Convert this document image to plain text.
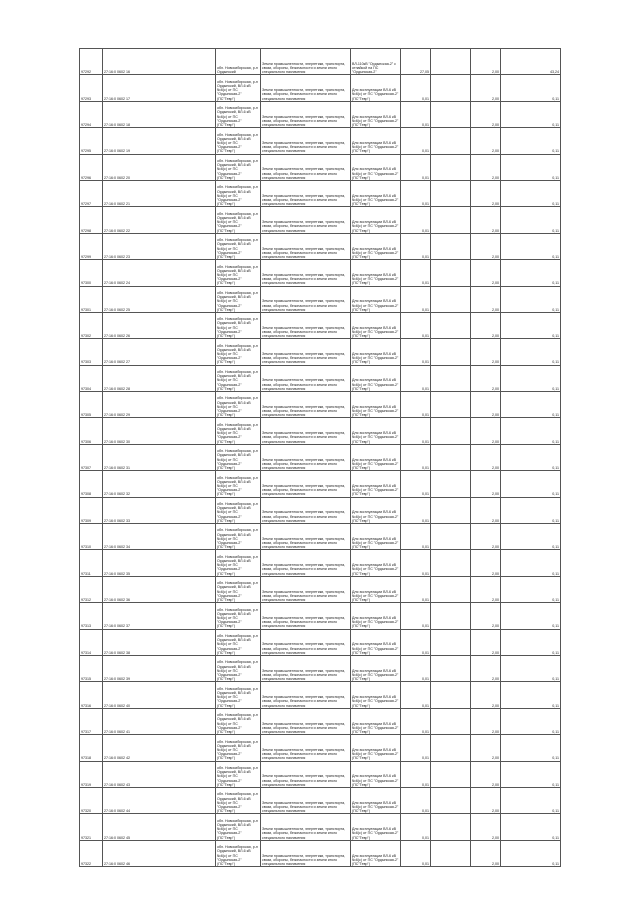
97292	27:16:0 0602 16	обл. Новосибирская, р-н Ордынский	Земли промышленности, энергетики, транспорта, связи, обороны, безопасности и земли иного специального назначения	ВЛ-110кВ "Ордынская-2" с отпайкой на ПС "Ордынская-2"	27,05		2,00	43,24
97293	27:16:0 0602 17	обл. Новосибирская, р-н Ордынский, ВЛ-6 кВ №6(с) от ПС "Ордынская-2" (ПС"Тевр")	Земли промышленности, энергетики, транспорта, связи, обороны, безопасности и земли иного специального назначения	Для эксплуатации ВЛ-6 кВ №6(с) от ПС "Ордынская-2" (ПС"Тевр")	0,01		2,00	0,11
97294	27:16:0 0602 18	обл. Новосибирская, р-н Ордынский, ВЛ-6 кВ №6(с) от ПС "Ордынская-2" (ПС"Тевр")	Земли промышленности, энергетики, транспорта, связи, обороны, безопасности и земли иного специального назначения	Для эксплуатации ВЛ-6 кВ №6(с) от ПС "Ордынская-2" (ПС"Тевр")	0,01		2,00	0,11
97295	27:16:0 0602 19	обл. Новосибирская, р-н Ордынский, ВЛ-6 кВ №6(с) от ПС "Ордынская-2" (ПС"Тевр")	Земли промышленности, энергетики, транспорта, связи, обороны, безопасности и земли иного специального назначения	Для эксплуатации ВЛ-6 кВ №6(с) от ПС "Ордынская-2" (ПС"Тевр")	0,01		2,00	0,11
97296	27:16:0 0602 20	обл. Новосибирская, р-н Ордынский, ВЛ-6 кВ №6(с) от ПС "Ордынская-2" (ПС"Тевр")	Земли промышленности, энергетики, транспорта, связи, обороны, безопасности и земли иного специального назначения	Для эксплуатации ВЛ-6 кВ №6(с) от ПС "Ордынская-2" (ПС"Тевр")	0,01		2,00	0,11
97297	27:16:0 0602 21	обл. Новосибирская, р-н Ордынский, ВЛ-6 кВ №6(с) от ПС "Ордынская-2" (ПС"Тевр")	Земли промышленности, энергетики, транспорта, связи, обороны, безопасности и земли иного специального назначения	Для эксплуатации ВЛ-6 кВ №6(с) от ПС "Ордынская-2" (ПС"Тевр")	0,01		2,00	0,11
97298	27:16:0 0602 22	обл. Новосибирская, р-н Ордынский, ВЛ-6 кВ №6(с) от ПС "Ордынская-2" (ПС"Тевр")	Земли промышленности, энергетики, транспорта, связи, обороны, безопасности и земли иного специального назначения	Для эксплуатации ВЛ-6 кВ №6(с) от ПС "Ордынская-2" (ПС"Тевр")	0,01		2,00	0,11
97299	27:16:0 0602 23	обл. Новосибирская, р-н Ордынский, ВЛ-6 кВ №6(с) от ПС "Ордынская-2" (ПС"Тевр")	Земли промышленности, энергетики, транспорта, связи, обороны, безопасности и земли иного специального назначения	Для эксплуатации ВЛ-6 кВ №6(с) от ПС "Ордынская-2" (ПС"Тевр")	0,01		2,00	0,11
97300	27:16:0 0602 24	обл. Новосибирская, р-н Ордынский, ВЛ-6 кВ №6(с) от ПС "Ордынская-2" (ПС"Тевр")	Земли промышленности, энергетики, транспорта, связи, обороны, безопасности и земли иного специального назначения	Для эксплуатации ВЛ-6 кВ №6(с) от ПС "Ордынская-2" (ПС"Тевр")	0,01		2,00	0,11
97301	27:16:0 0602 25	обл. Новосибирская, р-н Ордынский, ВЛ-6 кВ №6(с) от ПС "Ордынская-2" (ПС"Тевр")	Земли промышленности, энергетики, транспорта, связи, обороны, безопасности и земли иного специального назначения	Для эксплуатации ВЛ-6 кВ №6(с) от ПС "Ордынская-2" (ПС"Тевр")	0,01		2,00	0,11
97302	27:16:0 0602 26	обл. Новосибирская, р-н Ордынский, ВЛ-6 кВ №6(с) от ПС "Ордынская-2" (ПС"Тевр")	Земли промышленности, энергетики, транспорта, связи, обороны, безопасности и земли иного специального назначения	Для эксплуатации ВЛ-6 кВ №6(с) от ПС "Ордынская-2" (ПС"Тевр")	0,01		2,00	0,11
97303	27:16:0 0602 27	обл. Новосибирская, р-н Ордынский, ВЛ-6 кВ №6(с) от ПС "Ордынская-2" (ПС"Тевр")	Земли промышленности, энергетики, транспорта, связи, обороны, безопасности и земли иного специального назначения	Для эксплуатации ВЛ-6 кВ №6(с) от ПС "Ордынская-2" (ПС"Тевр")	0,01		2,00	0,11
97304	27:16:0 0602 28	обл. Новосибирская, р-н Ордынский, ВЛ-6 кВ №6(с) от ПС "Ордынская-2" (ПС"Тевр")	Земли промышленности, энергетики, транспорта, связи, обороны, безопасности и земли иного специального назначения	Для эксплуатации ВЛ-6 кВ №6(с) от ПС "Ордынская-2" (ПС"Тевр")	0,01		2,00	0,11
97305	27:16:0 0602 29	обл. Новосибирская, р-н Ордынский, ВЛ-6 кВ №6(с) от ПС "Ордынская-2" (ПС"Тевр")	Земли промышленности, энергетики, транспорта, связи, обороны, безопасности и земли иного специального назначения	Для эксплуатации ВЛ-6 кВ №6(с) от ПС "Ордынская-2" (ПС"Тевр")	0,01		2,00	0,11
97306	27:16:0 0602 30	обл. Новосибирская, р-н Ордынский, ВЛ-6 кВ №6(с) от ПС "Ордынская-2" (ПС"Тевр")	Земли промышленности, энергетики, транспорта, связи, обороны, безопасности и земли иного специального назначения	Для эксплуатации ВЛ-6 кВ №6(с) от ПС "Ордынская-2" (ПС"Тевр")	0,01		2,00	0,11
97307	27:16:0 0602 31	обл. Новосибирская, р-н Ордынский, ВЛ-6 кВ №6(с) от ПС "Ордынская-2" (ПС"Тевр")	Земли промышленности, энергетики, транспорта, связи, обороны, безопасности и земли иного специального назначения	Для эксплуатации ВЛ-6 кВ №6(с) от ПС "Ордынская-2" (ПС"Тевр")	0,01		2,00	0,11
97308	27:16:0 0602 32	обл. Новосибирская, р-н Ордынский, ВЛ-6 кВ №6(с) от ПС "Ордынская-2" (ПС"Тевр")	Земли промышленности, энергетики, транспорта, связи, обороны, безопасности и земли иного специального назначения	Для эксплуатации ВЛ-6 кВ №6(с) от ПС "Ордынская-2" (ПС"Тевр")	0,01		2,00	0,11
97309	27:16:0 0602 33	обл. Новосибирская, р-н Ордынский, ВЛ-6 кВ №6(с) от ПС "Ордынская-2" (ПС"Тевр")	Земли промышленности, энергетики, транспорта, связи, обороны, безопасности и земли иного специального назначения	Для эксплуатации ВЛ-6 кВ №6(с) от ПС "Ордынская-2" (ПС"Тевр")	0,01		2,00	0,11
97310	27:16:0 0602 34	обл. Новосибирская, р-н Ордынский, ВЛ-6 кВ №6(с) от ПС "Ордынская-2" (ПС"Тевр")	Земли промышленности, энергетики, транспорта, связи, обороны, безопасности и земли иного специального назначения	Для эксплуатации ВЛ-6 кВ №6(с) от ПС "Ордынская-2" (ПС"Тевр")	0,01		2,00	0,11
97311	27:16:0 0602 35	обл. Новосибирская, р-н Ордынский, ВЛ-6 кВ №6(с) от ПС "Ордынская-2" (ПС"Тевр")	Земли промышленности, энергетики, транспорта, связи, обороны, безопасности и земли иного специального назначения	Для эксплуатации ВЛ-6 кВ №6(с) от ПС "Ордынская-2" (ПС"Тевр")	0,01		2,00	0,11
97312	27:16:0 0602 36	обл. Новосибирская, р-н Ордынский, ВЛ-6 кВ №6(с) от ПС "Ордынская-2" (ПС"Тевр")	Земли промышленности, энергетики, транспорта, связи, обороны, безопасности и земли иного специального назначения	Для эксплуатации ВЛ-6 кВ №6(с) от ПС "Ордынская-2" (ПС"Тевр")	0,01		2,00	0,11
97313	27:16:0 0602 37	обл. Новосибирская, р-н Ордынский, ВЛ-6 кВ №6(с) от ПС "Ордынская-2" (ПС"Тевр")	Земли промышленности, энергетики, транспорта, связи, обороны, безопасности и земли иного специального назначения	Для эксплуатации ВЛ-6 кВ №6(с) от ПС "Ордынская-2" (ПС"Тевр")	0,01		2,00	0,11
97314	27:16:0 0602 38	обл. Новосибирская, р-н Ордынский, ВЛ-6 кВ №6(с) от ПС "Ордынская-2" (ПС"Тевр")	Земли промышленности, энергетики, транспорта, связи, обороны, безопасности и земли иного специального назначения	Для эксплуатации ВЛ-6 кВ №6(с) от ПС "Ордынская-2" (ПС"Тевр")	0,01		2,00	0,11
97315	27:16:0 0602 39	обл. Новосибирская, р-н Ордынский, ВЛ-6 кВ №6(с) от ПС "Ордынская-2" (ПС"Тевр")	Земли промышленности, энергетики, транспорта, связи, обороны, безопасности и земли иного специального назначения	Для эксплуатации ВЛ-6 кВ №6(с) от ПС "Ордынская-2" (ПС"Тевр")	0,01		2,00	0,11
97316	27:16:0 0602 40	обл. Новосибирская, р-н Ордынский, ВЛ-6 кВ №6(с) от ПС "Ордынская-2" (ПС"Тевр")	Земли промышленности, энергетики, транспорта, связи, обороны, безопасности и земли иного специального назначения	Для эксплуатации ВЛ-6 кВ №6(с) от ПС "Ордынская-2" (ПС"Тевр")	0,01		2,00	0,11
97317	27:16:0 0602 41	обл. Новосибирская, р-н Ордынский, ВЛ-6 кВ №6(с) от ПС "Ордынская-2" (ПС"Тевр")	Земли промышленности, энергетики, транспорта, связи, обороны, безопасности и земли иного специального назначения	Для эксплуатации ВЛ-6 кВ №6(с) от ПС "Ордынская-2" (ПС"Тевр")	0,01		2,00	0,11
97318	27:16:0 0602 42	обл. Новосибирская, р-н Ордынский, ВЛ-6 кВ №6(с) от ПС "Ордынская-2" (ПС"Тевр")	Земли промышленности, энергетики, транспорта, связи, обороны, безопасности и земли иного специального назначения	Для эксплуатации ВЛ-6 кВ №6(с) от ПС "Ордынская-2" (ПС"Тевр")	0,01		2,00	0,11
97319	27:16:0 0602 43	обл. Новосибирская, р-н Ордынский, ВЛ-6 кВ №6(с) от ПС "Ордынская-2" (ПС"Тевр")	Земли промышленности, энергетики, транспорта, связи, обороны, безопасности и земли иного специального назначения	Для эксплуатации ВЛ-6 кВ №6(с) от ПС "Ордынская-2" (ПС"Тевр")	0,01		2,00	0,11
97320	27:16:0 0602 44	обл. Новосибирская, р-н Ордынский, ВЛ-6 кВ №6(с) от ПС "Ордынская-2" (ПС"Тевр")	Земли промышленности, энергетики, транспорта, связи, обороны, безопасности и земли иного специального назначения	Для эксплуатации ВЛ-6 кВ №6(с) от ПС "Ордынская-2" (ПС"Тевр")	0,01		2,00	0,11
97321	27:16:0 0602 45	обл. Новосибирская, р-н Ордынский, ВЛ-6 кВ №6(с) от ПС "Ордынская-2" (ПС"Тевр")	Земли промышленности, энергетики, транспорта, связи, обороны, безопасности и земли иного специального назначения	Для эксплуатации ВЛ-6 кВ №6(с) от ПС "Ордынская-2" (ПС"Тевр")	0,01		2,00	0,11
97322	27:16:0 0602 46	обл. Новосибирская, р-н Ордынский, ВЛ-6 кВ №6(с) от ПС "Ордынская-2" (ПС"Тевр")	Земли промышленности, энергетики, транспорта, связи, обороны, безопасности и земли иного специального назначения	Для эксплуатации ВЛ-6 кВ №6(с) от ПС "Ордынская-2" (ПС"Тевр")	0,01		2,00	0,11
